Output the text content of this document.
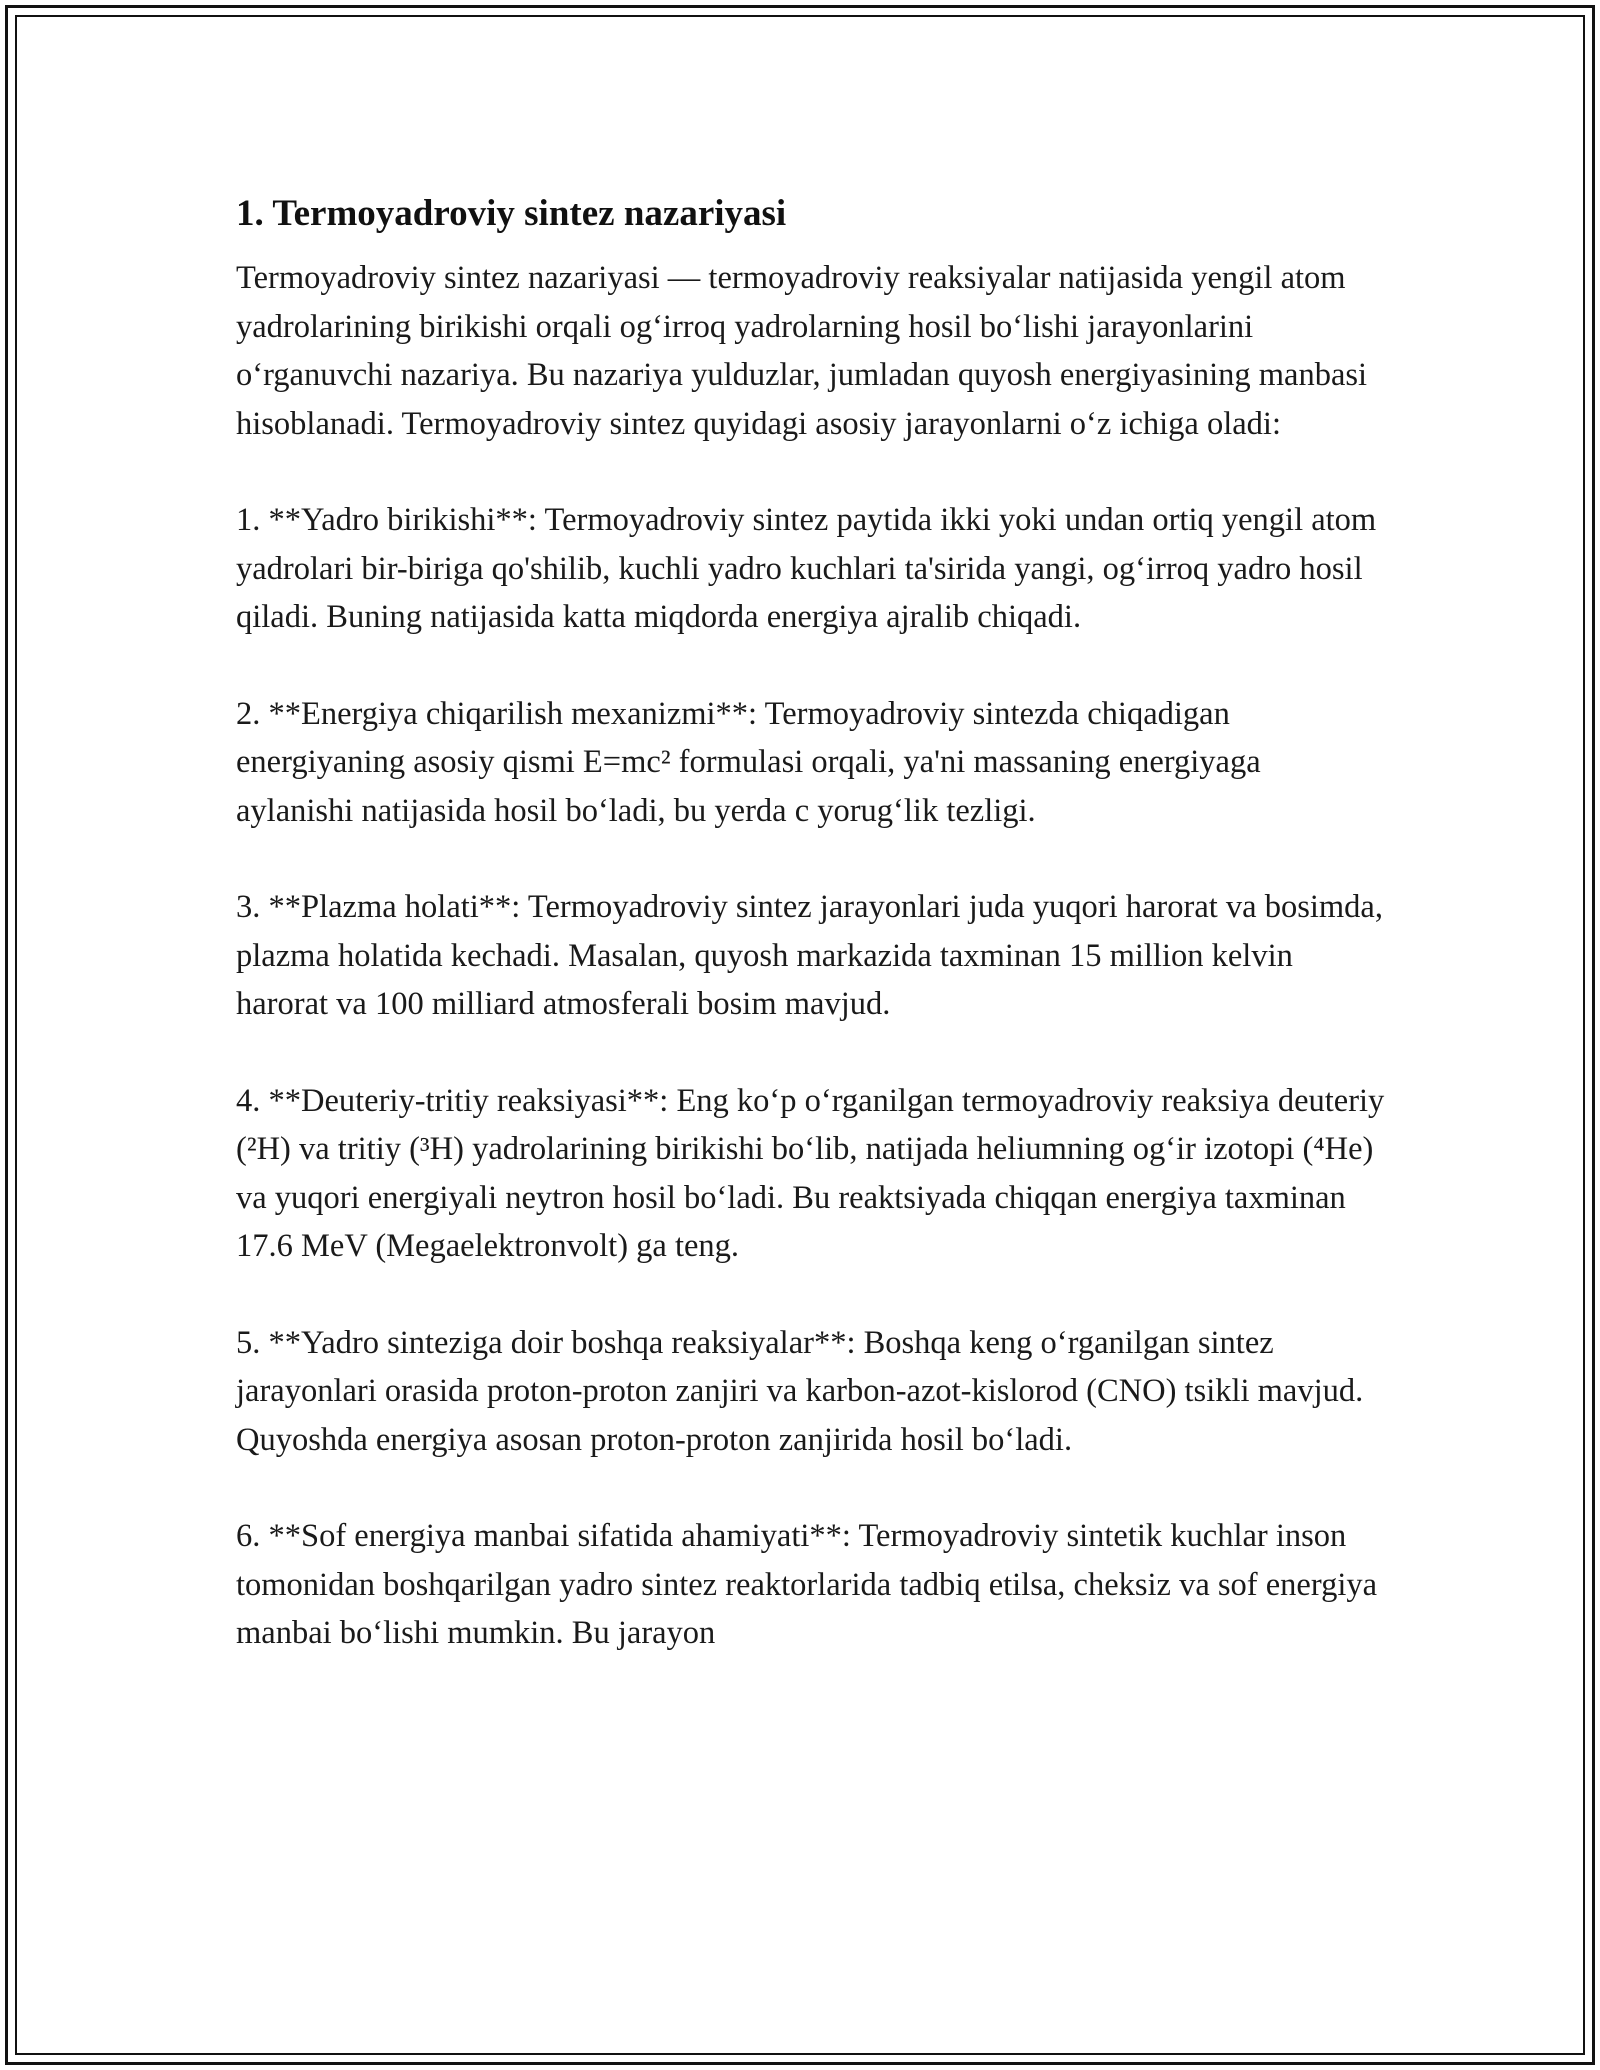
1. Termoyadroviy sintez nazariyasi

Termoyadroviy sintez nazariyasi — termoyadroviy reaksiyalar natijasida yengil atom yadrolarining birikishi orqali ogʻirroq yadrolarning hosil boʻlishi jarayonlarini oʻrganuvchi nazariya. Bu nazariya yulduzlar, jumladan quyosh energiyasining manbasi hisoblanadi. Termoyadroviy sintez quyidagi asosiy jarayonlarni oʻz ichiga oladi:

1. **Yadro birikishi**: Termoyadroviy sintez paytida ikki yoki undan ortiq yengil atom yadrolari bir-biriga qo'shilib, kuchli yadro kuchlari ta'sirida yangi, ogʻirroq yadro hosil qiladi. Buning natijasida katta miqdorda energiya ajralib chiqadi.

2. **Energiya chiqarilish mexanizmi**: Termoyadroviy sintezda chiqadigan energiyaning asosiy qismi E=mc² formulasi orqali, ya'ni massaning energiyaga aylanishi natijasida hosil boʻladi, bu yerda c yorugʻlik tezligi.

3. **Plazma holati**: Termoyadroviy sintez jarayonlari juda yuqori harorat va bosimda, plazma holatida kechadi. Masalan, quyosh markazida taxminan 15 million kelvin harorat va 100 milliard atmosferali bosim mavjud.

4. **Deuteriy-tritiy reaksiyasi**: Eng koʻp oʻrganilgan termoyadroviy reaksiya deuteriy (²H) va tritiy (³H) yadrolarining birikishi boʻlib, natijada heliumning ogʻir izotopi (⁴He) va yuqori energiyali neytron hosil boʻladi. Bu reaktsiyada chiqqan energiya taxminan 17.6 MeV (Megaelektronvolt) ga teng.

5. **Yadro sinteziga doir boshqa reaksiyalar**: Boshqa keng oʻrganilgan sintez jarayonlari orasida proton-proton zanjiri va karbon-azot-kislorod (CNO) tsikli mavjud. Quyoshda energiya asosan proton-proton zanjirida hosil boʻladi.

6. **Sof energiya manbai sifatida ahamiyati**: Termoyadroviy sintetik kuchlar inson tomonidan boshqarilgan yadro sintez reaktorlarida tadbiq etilsa, cheksiz va sof energiya manbai boʻlishi mumkin. Bu jarayon
